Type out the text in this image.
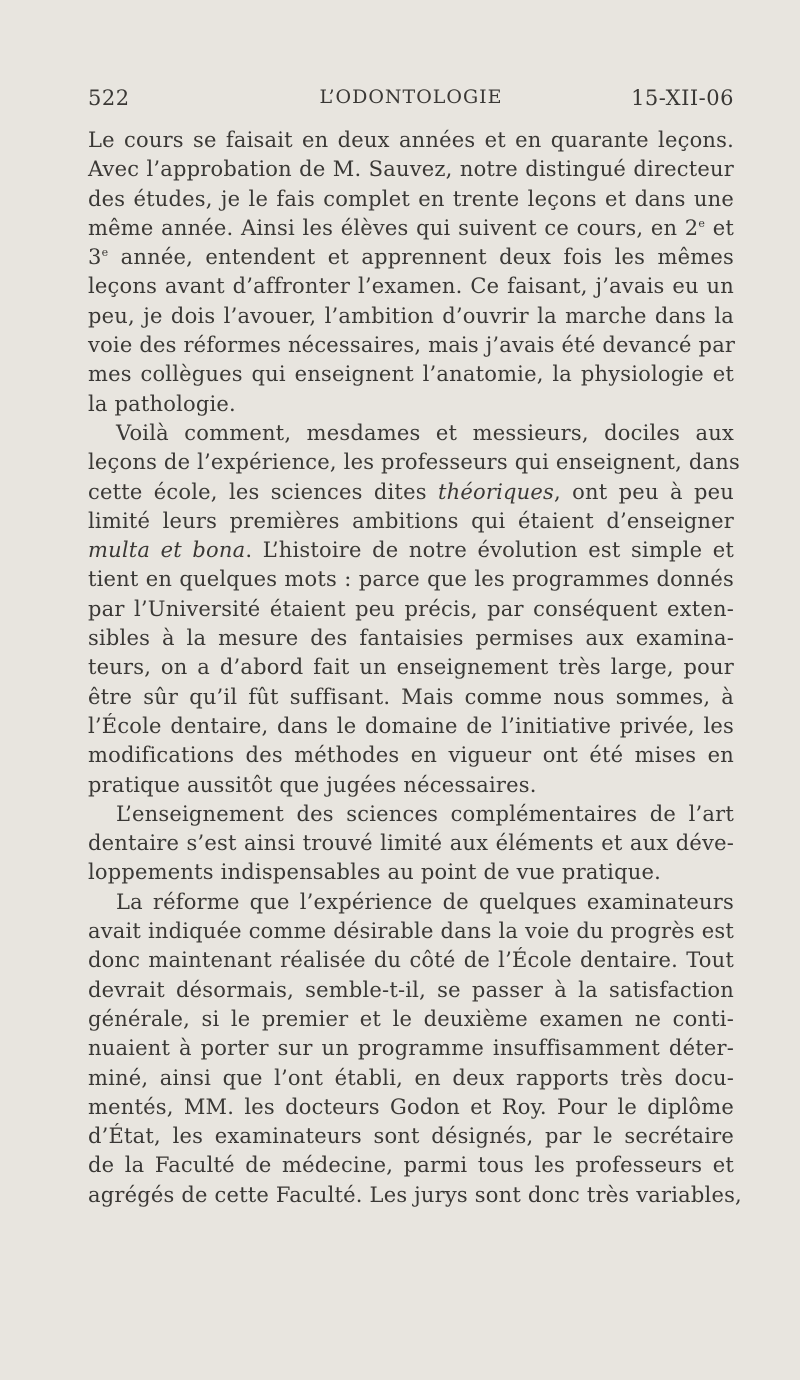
522	L’ODONTOLOGIE	15-XII-06
Le cours se faisait en deux années et en quarante leçons.
Avec l’approbation de M. Sauvez, notre distingué directeur
des études, je le fais complet en trente leçons et dans une
même année. Ainsi les élèves qui suivent ce cours, en 2e et
3e année, entendent et apprennent deux fois les mêmes
leçons avant d’affronter l’examen. Ce faisant, j’avais eu un
peu, je dois l’avouer, l’ambition d’ouvrir la marche dans la
voie des réformes nécessaires, mais j’avais été devancé par
mes collègues qui enseignent l’anatomie, la physiologie et
la pathologie.
Voilà comment, mesdames et messieurs, dociles aux
leçons de l’expérience, les professeurs qui enseignent, dans
cette école, les sciences dites théoriques, ont peu à peu
limité leurs premières ambitions qui étaient d’enseigner
multa et bona. L’histoire de notre évolution est simple et
tient en quelques mots : parce que les programmes donnés
par l’Université étaient peu précis, par conséquent exten-
sibles à la mesure des fantaisies permises aux examina-
teurs, on a d’abord fait un enseignement très large, pour
être sûr qu’il fût suffisant. Mais comme nous sommes, à
l’École dentaire, dans le domaine de l’initiative privée, les
modifications des méthodes en vigueur ont été mises en
pratique aussitôt que jugées nécessaires.
L’enseignement des sciences complémentaires de l’art
dentaire s’est ainsi trouvé limité aux éléments et aux déve-
loppements indispensables au point de vue pratique.
La réforme que l’expérience de quelques examinateurs
avait indiquée comme désirable dans la voie du progrès est
donc maintenant réalisée du côté de l’École dentaire. Tout
devrait désormais, semble-t-il, se passer à la satisfaction
générale, si le premier et le deuxième examen ne conti-
nuaient à porter sur un programme insuffisamment déter-
miné, ainsi que l’ont établi, en deux rapports très docu-
mentés, MM. les docteurs Godon et Roy. Pour le diplôme
d’État, les examinateurs sont désignés, par le secrétaire
de la Faculté de médecine, parmi tous les professeurs et
agrégés de cette Faculté. Les jurys sont donc très variables,
